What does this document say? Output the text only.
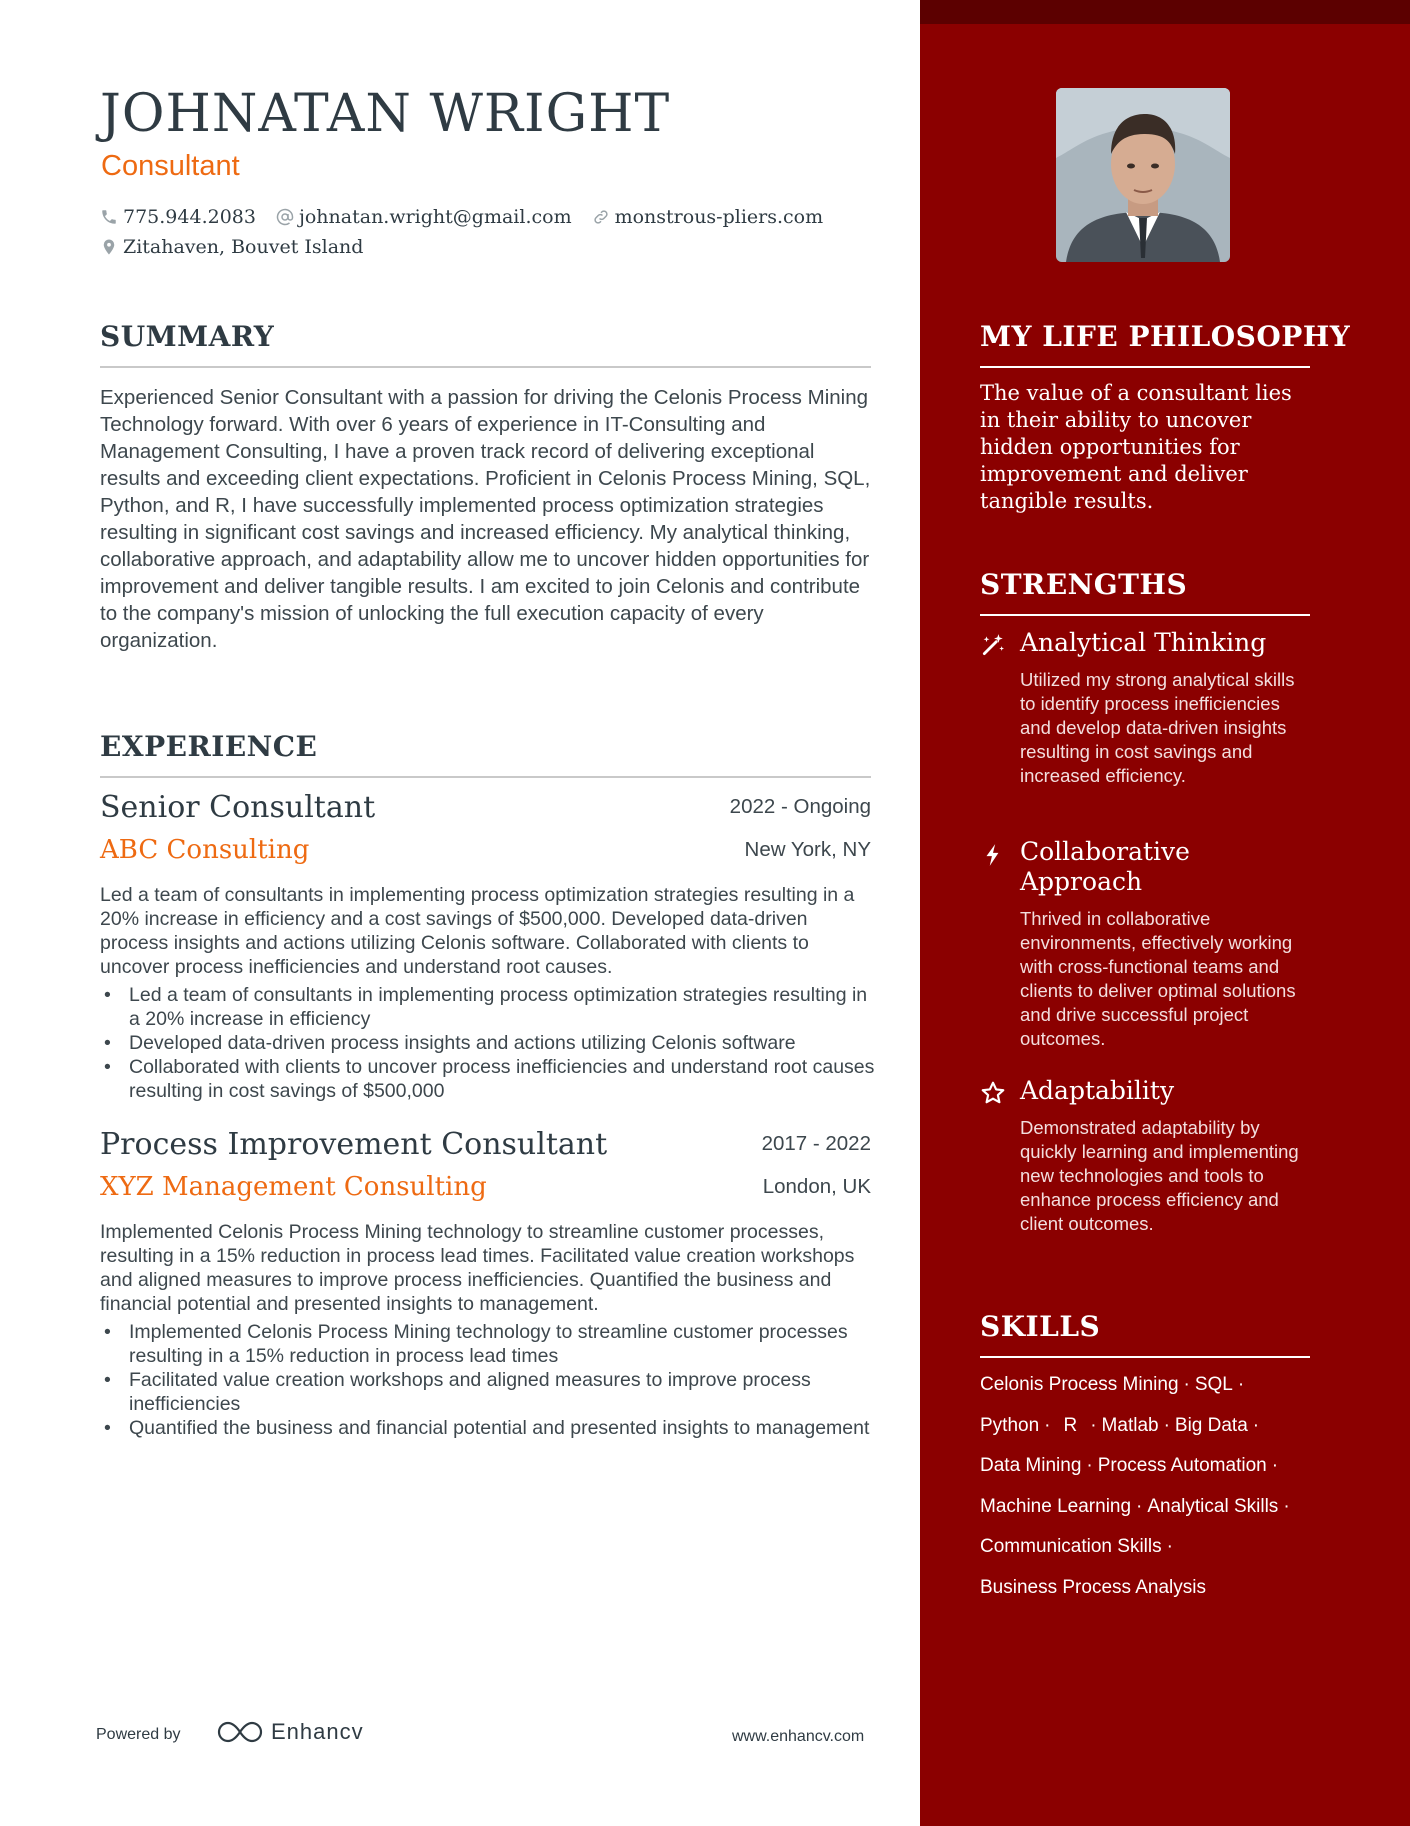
JOHNATAN WRIGHT
Consultant
775.944.2083 johnatan.wright@gmail.com monstrous-pliers.com
Zitahaven, Bouvet Island
SUMMARY

Experienced Senior Consultant with a passion for driving the Celonis Process Mining Technology forward. With over 6 years of experience in IT-Consulting and Management Consulting, I have a proven track record of delivering exceptional results and exceeding client expectations. Proficient in Celonis Process Mining, SQL, Python, and R, I have successfully implemented process optimization strategies resulting in significant cost savings and increased efficiency. My analytical thinking, collaborative approach, and adaptability allow me to uncover hidden opportunities for improvement and deliver tangible results. I am excited to join Celonis and contribute to the company's mission of unlocking the full execution capacity of every organization.

EXPERIENCE
Senior Consultant	2022 - Ongoing
ABC Consulting	New York, NY

Led a team of consultants in implementing process optimization strategies resulting in a 20% increase in efficiency and a cost savings of $500,000. Developed data-driven process insights and actions utilizing Celonis software. Collaborated with clients to uncover process inefficiencies and understand root causes.

• Led a team of consultants in implementing process optimization strategies resulting in a 20% increase in efficiency
• Developed data-driven process insights and actions utilizing Celonis software
• Collaborated with clients to uncover process inefficiencies and understand root causes resulting in cost savings of $500,000
Process Improvement Consultant	2017 - 2022
XYZ Management Consulting	London, UK

Implemented Celonis Process Mining technology to streamline customer processes, resulting in a 15% reduction in process lead times. Facilitated value creation workshops and aligned measures to improve process inefficiencies. Quantified the business and financial potential and presented insights to management.

• Implemented Celonis Process Mining technology to streamline customer processes resulting in a 15% reduction in process lead times
• Facilitated value creation workshops and aligned measures to improve process inefficiencies
• Quantified the business and financial potential and presented insights to management
Powered by	Enhancv	www.enhancv.com
MY LIFE PHILOSOPHY

The value of a consultant lies in their ability to uncover hidden opportunities for improvement and deliver tangible results.

STRENGTHS
Analytical Thinking

Utilized my strong analytical skills to identify process inefficiencies and develop data-driven insights resulting in cost savings and increased efficiency.

Collaborative Approach

Thrived in collaborative environments, effectively working with cross-functional teams and clients to deliver optimal solutions and drive successful project outcomes.

Adaptability

Demonstrated adaptability by quickly learning and implementing new technologies and tools to enhance process efficiency and client outcomes.

SKILLS
Celonis Process Mining · SQL ·
Python · R · Matlab · Big Data ·
Data Mining · Process Automation ·
Machine Learning · Analytical Skills ·
Communication Skills ·
Business Process Analysis
